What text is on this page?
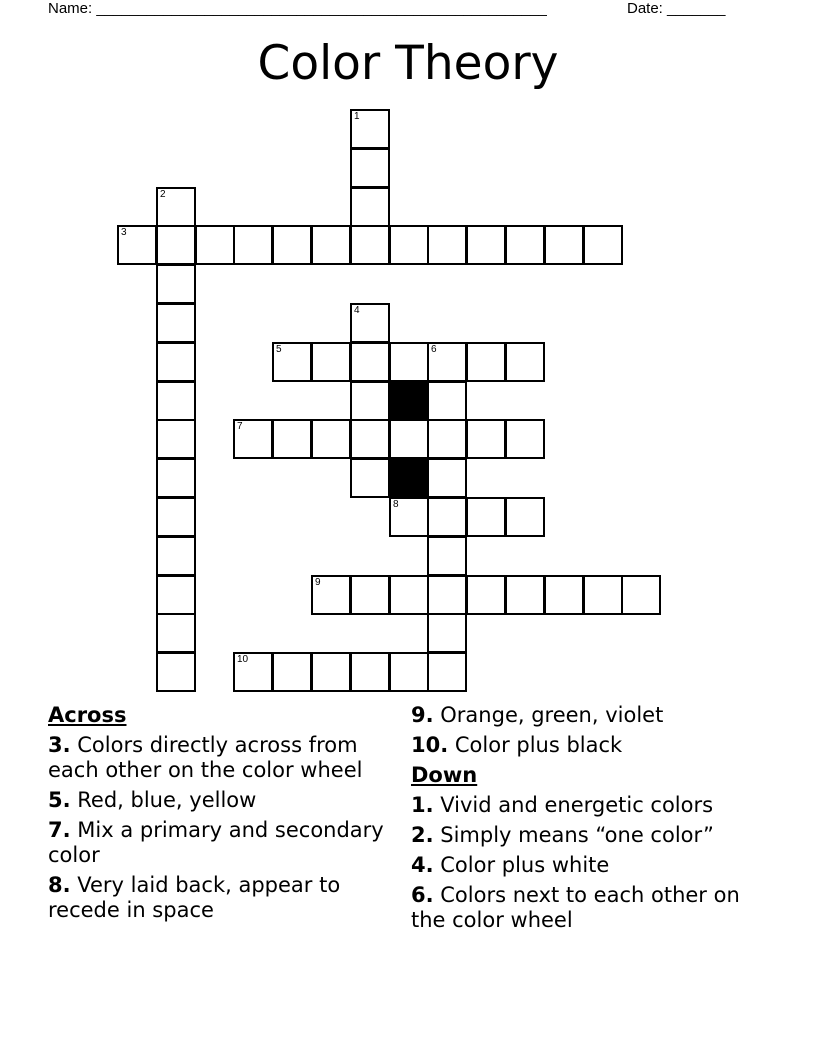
Name: ______________________________________________________	Date: _______
Color Theory
1
2
3
4
5	6
7
8
9
10
Across
3. Colors directly across from each other on the color wheel
5. Red, blue, yellow
7. Mix a primary and secondary color
8. Very laid back, appear to recede in space
9. Orange, green, violet
10. Color plus black
Down
1. Vivid and energetic colors
2. Simply means “one color”
4. Color plus white
6. Colors next to each other on the color wheel
